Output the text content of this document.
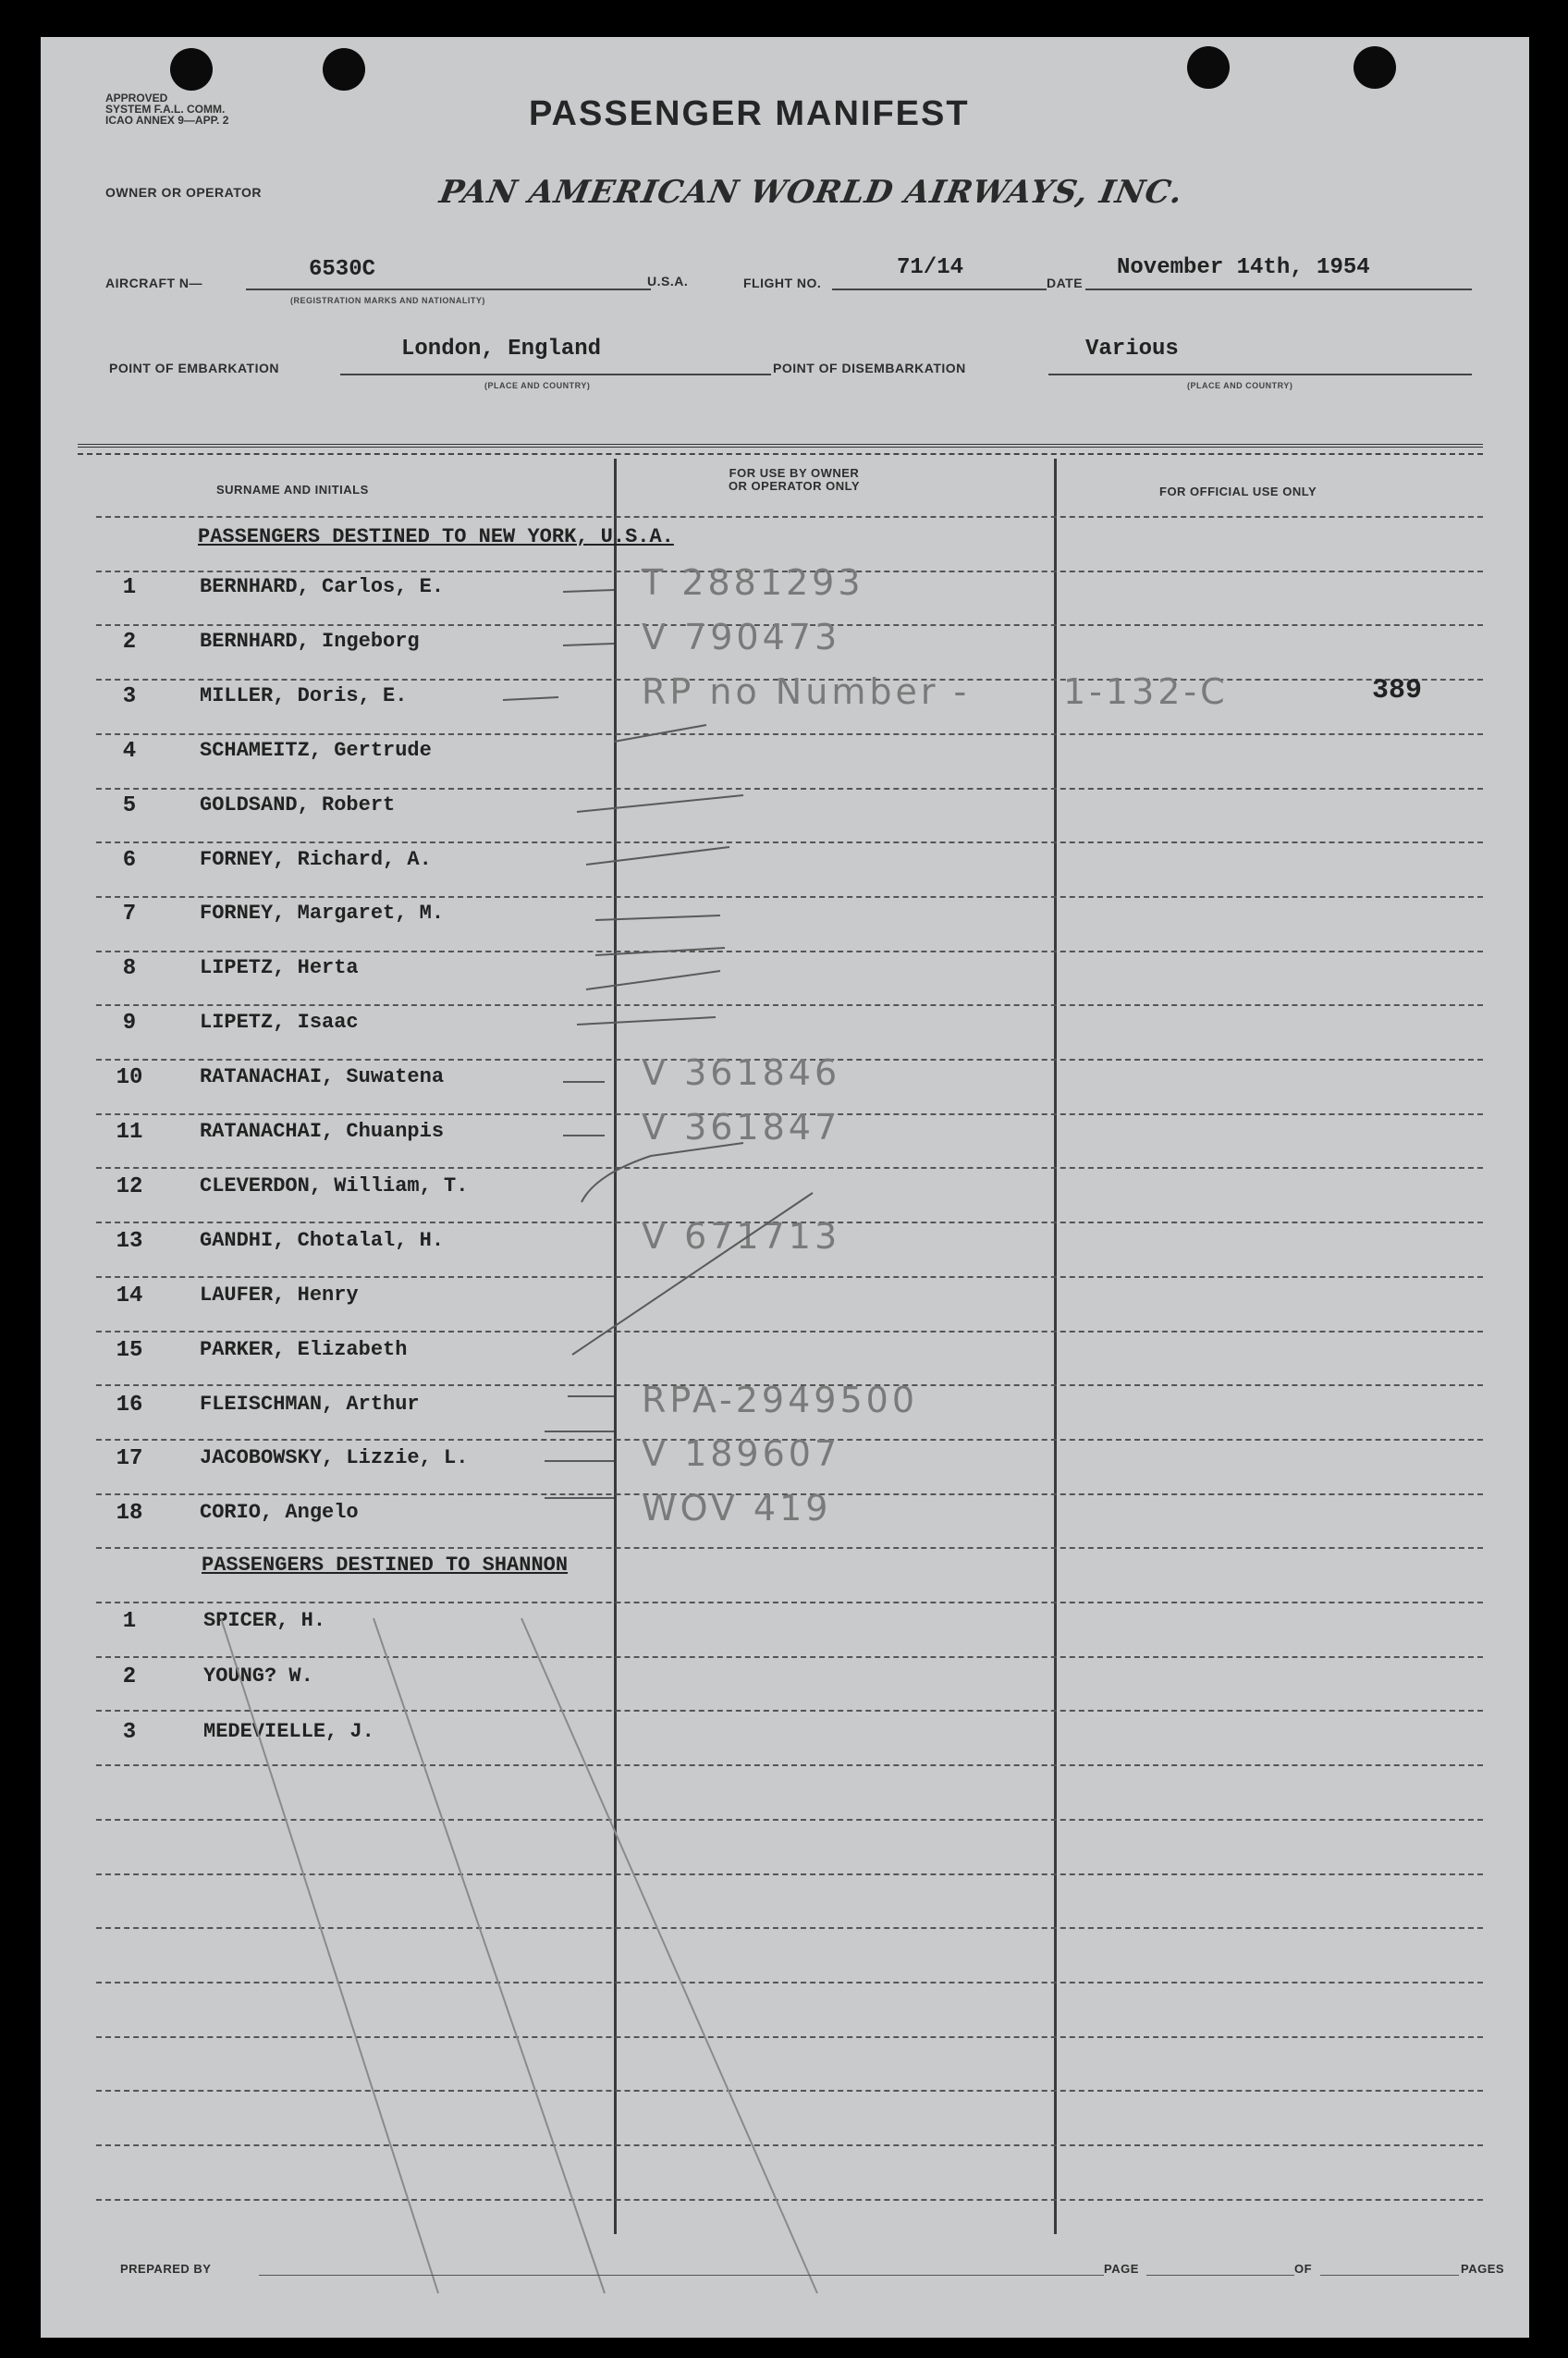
APPROVED
SYSTEM F.A.L. COMM.
ICAO ANNEX 9—APP. 2	PASSENGER MANIFEST
OWNER OR OPERATOR	PAN AMERICAN WORLD AIRWAYS, INC.
AIRCRAFT N—
6530C
(REGISTRATION MARKS AND NATIONALITY)
U.S.A.	FLIGHT NO.
71/14
DATE
November 14th, 1954
POINT OF EMBARKATION
London, England
(PLACE AND COUNTRY)
POINT OF DISEMBARKATION
Various
(PLACE AND COUNTRY)
SURNAME AND INITIALS
FOR USE BY OWNER
OR OPERATOR ONLY	FOR OFFICIAL USE ONLY
PASSENGERS DESTINED TO NEW YORK, U.S.A.
1	BERNHARD, Carlos, E.	T 2881293
2	BERNHARD, Ingeborg	V 790473
3	MILLER, Doris, E.	RP no Number -	1-132-C
4	SCHAMEITZ, Gertrude
5	GOLDSAND, Robert
6	FORNEY, Richard, A.
7	FORNEY, Margaret, M.
8	LIPETZ, Herta
9	LIPETZ, Isaac
10	RATANACHAI, Suwatena	V 361846
11	RATANACHAI, Chuanpis	V 361847
12	CLEVERDON, William, T.
13	GANDHI, Chotalal, H.	V 671713
14	LAUFER, Henry
15	PARKER, Elizabeth
16	FLEISCHMAN, Arthur	RPA-2949500
17	JACOBOWSKY, Lizzie, L.	V 189607
18	CORIO, Angelo	WOV 419
PASSENGERS DESTINED TO SHANNON
1	SPICER, H.
2	YOUNG? W.
3	MEDEVIELLE, J.
389
PREPARED BY	PAGE	OF	PAGES
